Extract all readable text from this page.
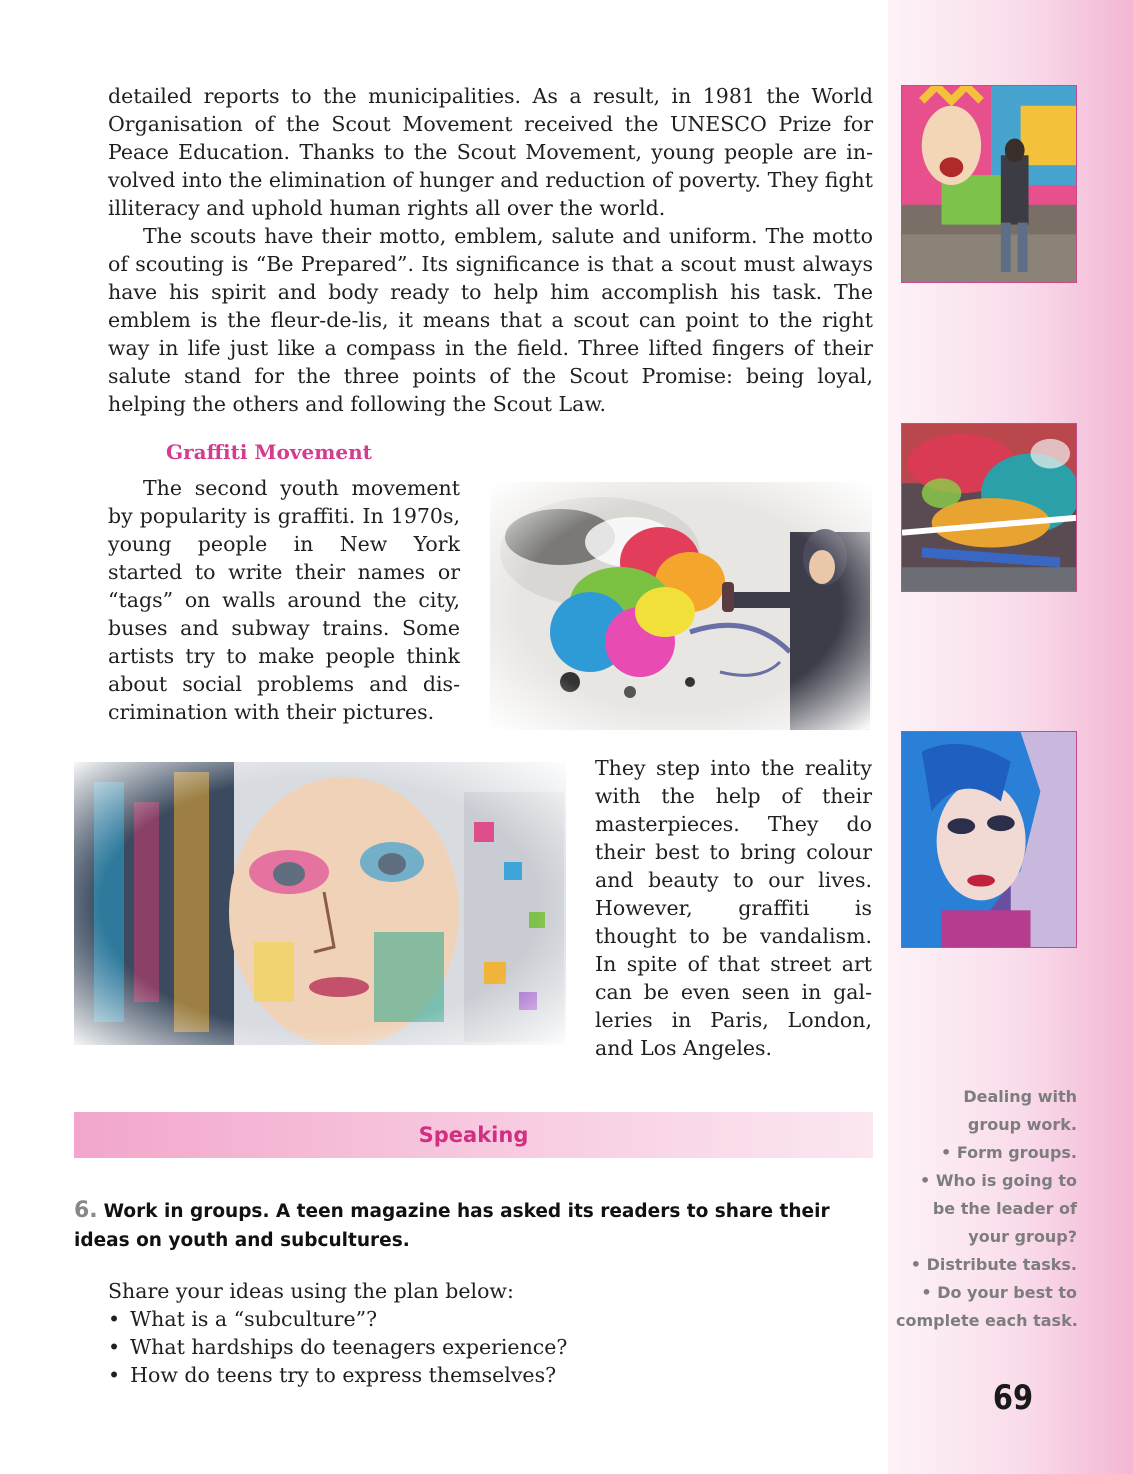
detailed reports to the municipalities. As a result, in 1981 the World Organisation of the Scout Movement received the UNESCO Prize for Peace Education. Thanks to the Scout Movement, young people are involved into the elimination of hunger and reduction of poverty. They fight illiteracy and uphold human rights all over the world.

The scouts have their motto, emblem, salute and uniform. The motto of scouting is “Be Prepared”. Its significance is that a scout must always have his spirit and body ready to help him accomplish his task. The emblem is the fleur-de-lis, it means that a scout can point to the right way in life just like a compass in the field. Three lifted fingers of their salute stand for the three points of the Scout Promise: being loyal, helping the others and following the Scout Law.

Graffiti Movement
The second youth movement by popularity is graffiti. In 1970s, young people in New York started to write their names or “tags” on walls around the city, buses and subway trains. Some artists try to make people think about social problems and discrimination with their pictures.
They step into the reality with the help of their masterpieces. They do their best to bring colour and beauty to our lives. However, graffiti is thought to be vandalism. In spite of that street art can be even seen in galleries in Paris, London, and Los Angeles.
Speaking
6. Work in groups. A teen magazine has asked its readers to share their ideas on youth and subcultures.
Share your ideas using the plan below:
• What is a “subculture”?
• What hardships do teenagers experience?
• How do teens try to express themselves?
Dealing with
group work.
• Form groups.
• Who is going to
be the leader of
your group?
• Distribute tasks.
• Do your best to
complete each task.
69
